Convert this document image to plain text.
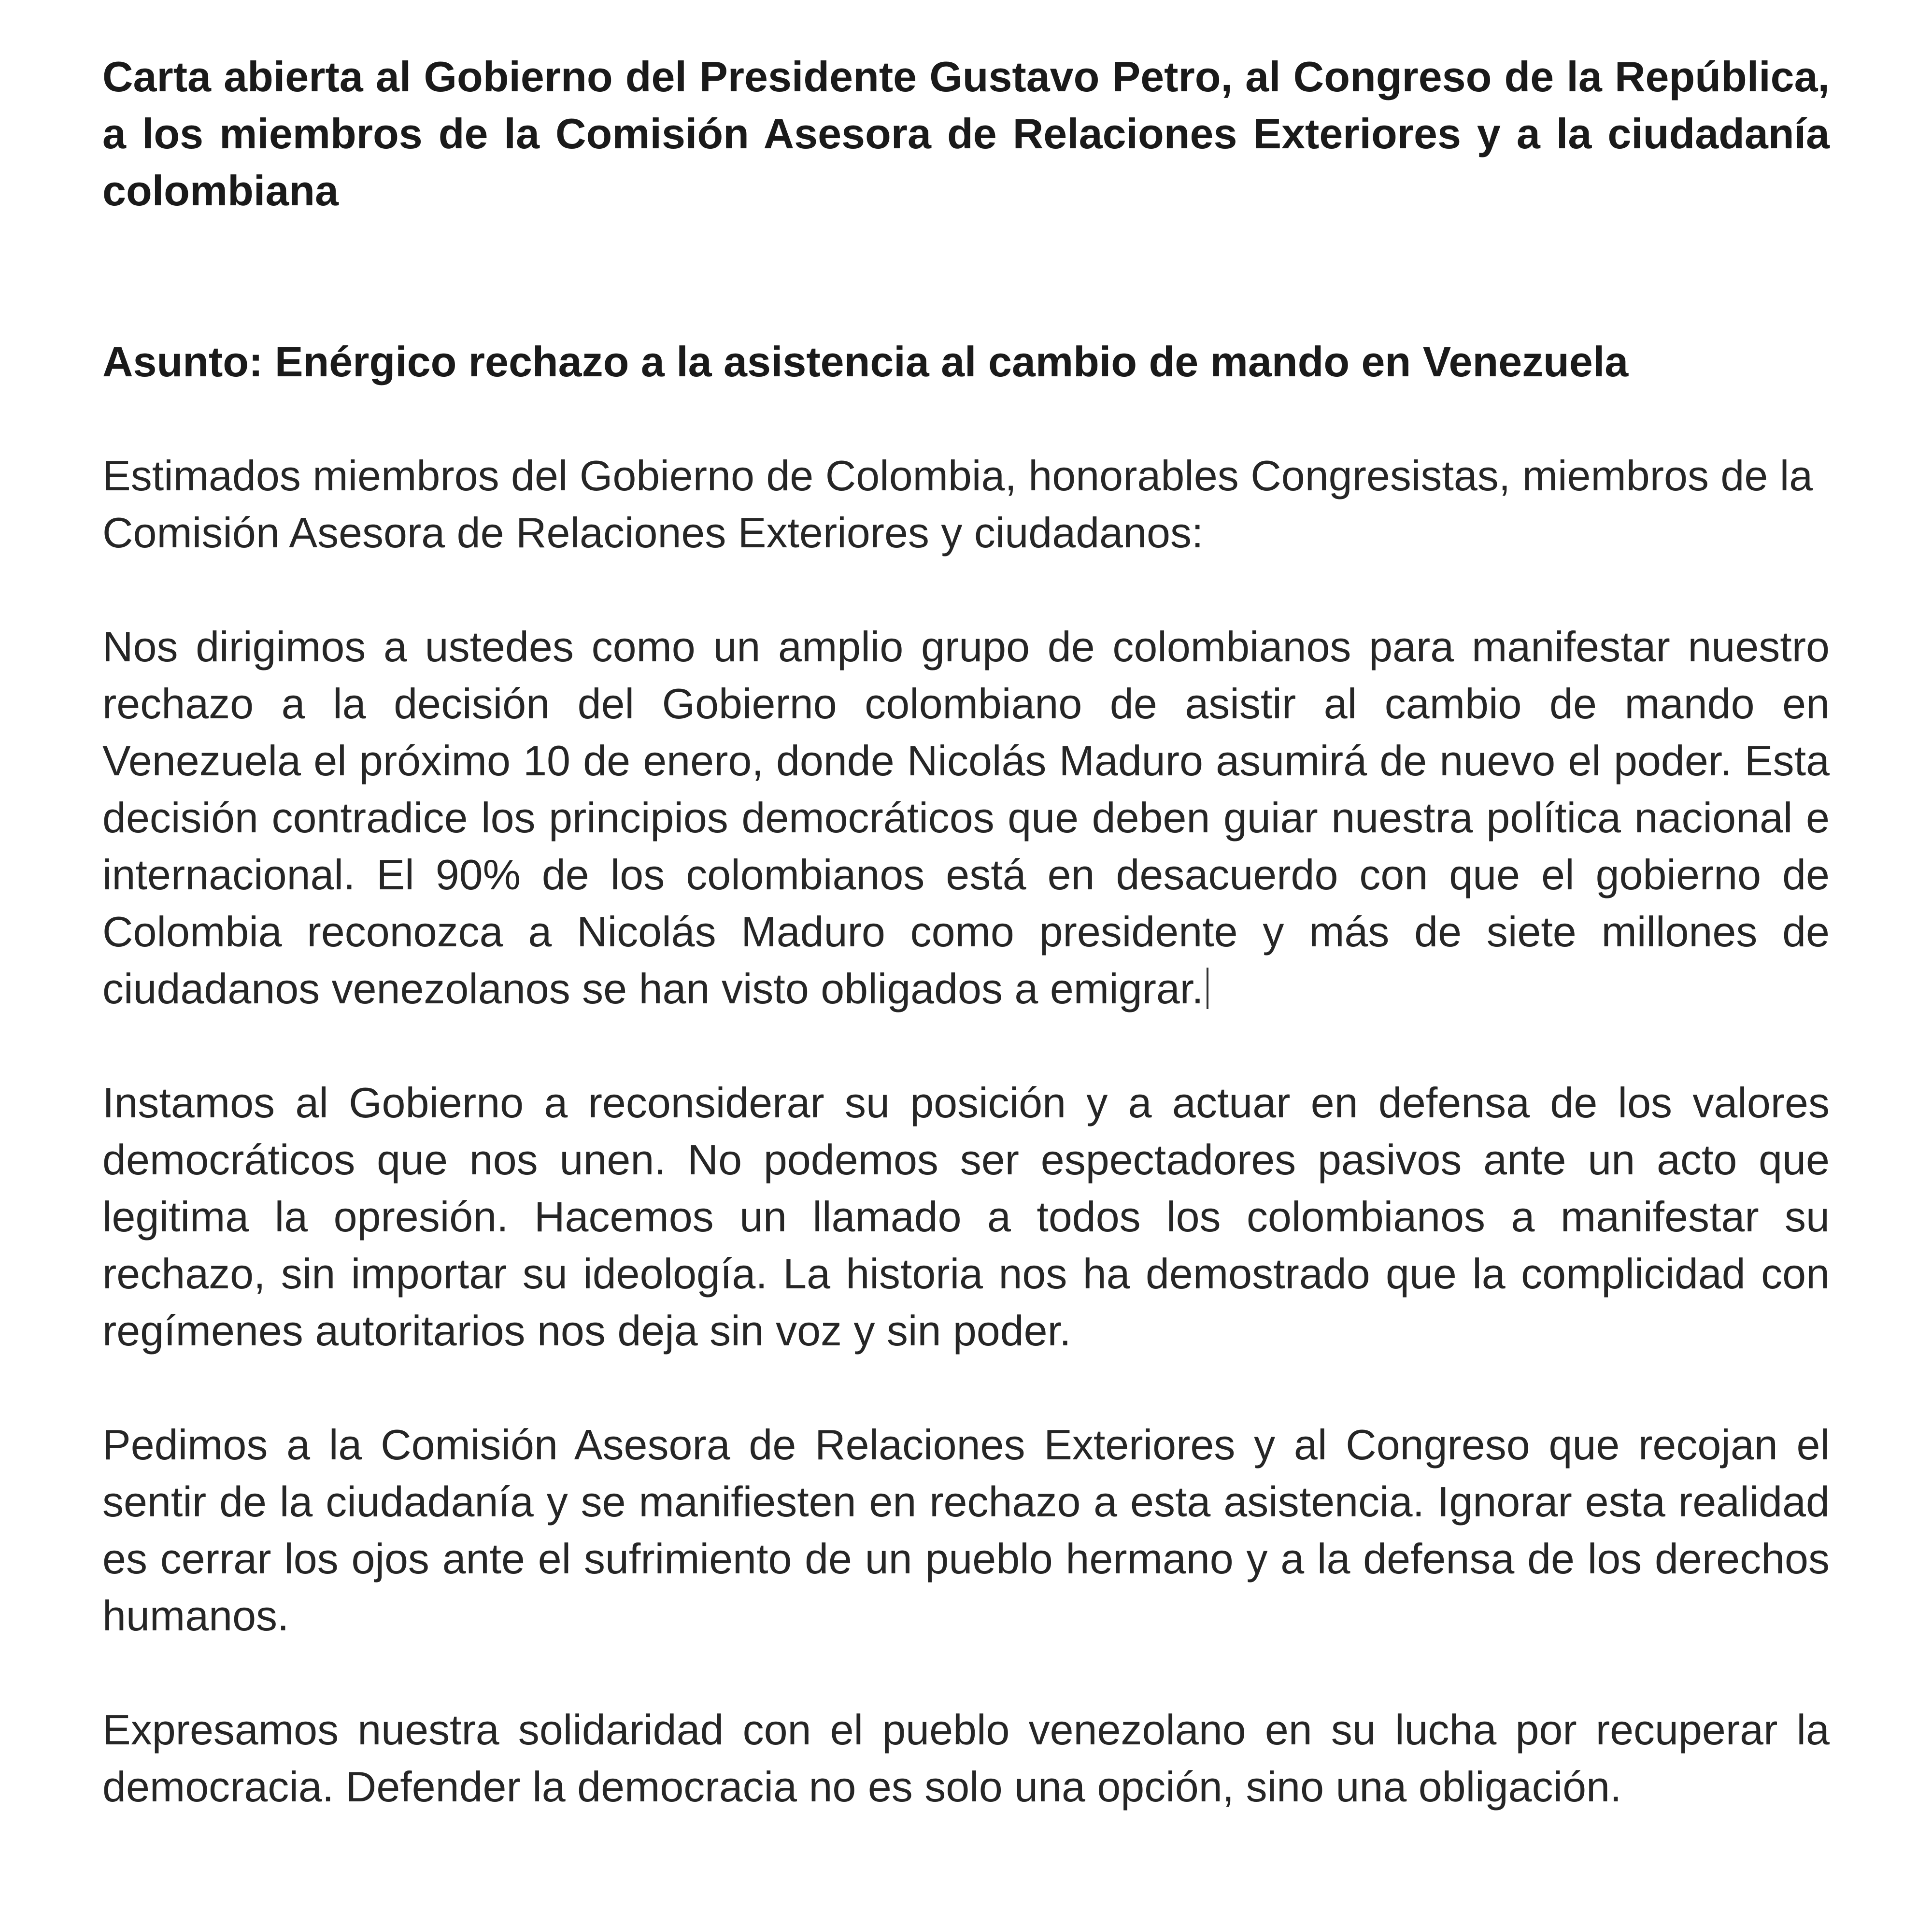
Carta abierta al Gobierno del Presidente Gustavo Petro, al Congreso de la República, a los miembros de la Comisión Asesora de Relaciones Exteriores y a la ciudadanía colombiana

Asunto: Enérgico rechazo a la asistencia al cambio de mando en Venezuela

Estimados miembros del Gobierno de Colombia, honorables Congresistas, miembros de la Comisión Asesora de Relaciones Exteriores y ciudadanos:

Nos dirigimos a ustedes como un amplio grupo de colombianos para manifestar nuestro rechazo a la decisión del Gobierno colombiano de asistir al cambio de mando en Venezuela el próximo 10 de enero, donde Nicolás Maduro asumirá de nuevo el poder. Esta decisión contradice los principios democráticos que deben guiar nuestra política nacional e internacional. El 90% de los colombianos está en desacuerdo con que el gobierno de Colombia reconozca a Nicolás Maduro como presidente y más de siete millones de ciudadanos venezolanos se han visto obligados a emigrar.

Instamos al Gobierno a reconsiderar su posición y a actuar en defensa de los valores democráticos que nos unen. No podemos ser espectadores pasivos ante un acto que legitima la opresión. Hacemos un llamado a todos los colombianos a manifestar su rechazo, sin importar su ideología. La historia nos ha demostrado que la complicidad con regímenes autoritarios nos deja sin voz y sin poder.

Pedimos a la Comisión Asesora de Relaciones Exteriores y al Congreso que recojan el sentir de la ciudadanía y se manifiesten en rechazo a esta asistencia. Ignorar esta realidad es cerrar los ojos ante el sufrimiento de un pueblo hermano y a la defensa de los derechos humanos.

Expresamos nuestra solidaridad con el pueblo venezolano en su lucha por recuperar la democracia. Defender la democracia no es solo una opción, sino una obligación.
